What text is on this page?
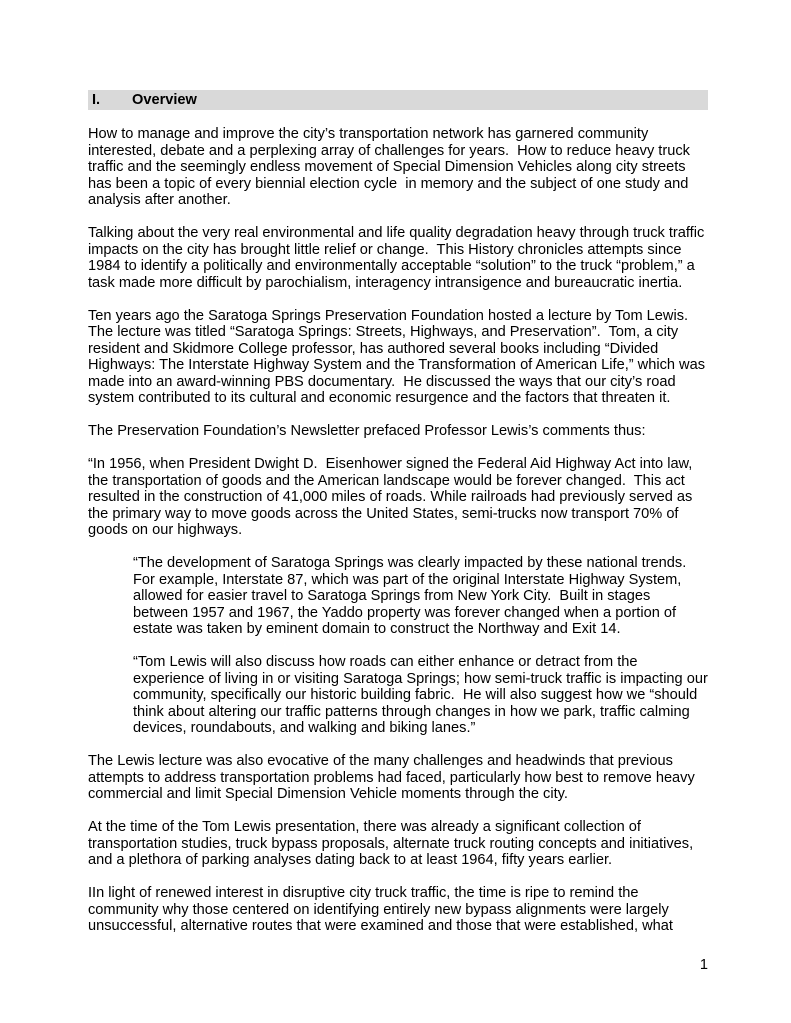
I. Overview

How to manage and improve the city’s transportation network has garnered community interested, debate and a perplexing array of challenges for years.  How to reduce heavy truck traffic and the seemingly endless movement of Special Dimension Vehicles along city streets has been a topic of every biennial election cycle  in memory and the subject of one study and analysis after another.

Talking about the very real environmental and life quality degradation heavy through truck traffic impacts on the city has brought little relief or change.  This History chronicles attempts since 1984 to identify a politically and environmentally acceptable “solution” to the truck “problem,” a task made more difficult by parochialism, interagency intransigence and bureaucratic inertia.

Ten years ago the Saratoga Springs Preservation Foundation hosted a lecture by Tom Lewis. The lecture was titled “Saratoga Springs: Streets, Highways, and Preservation”.  Tom, a city resident and Skidmore College professor, has authored several books including “Divided Highways: The Interstate Highway System and the Transformation of American Life,” which was made into an award-winning PBS documentary.  He discussed the ways that our city’s road system contributed to its cultural and economic resurgence and the factors that threaten it.

The Preservation Foundation’s Newsletter prefaced Professor Lewis’s comments thus:

“In 1956, when President Dwight D.  Eisenhower signed the Federal Aid Highway Act into law, the transportation of goods and the American landscape would be forever changed.  This act resulted in the construction of 41,000 miles of roads. While railroads had previously served as the primary way to move goods across the United States, semi-trucks now transport 70% of goods on our highways.

“The development of Saratoga Springs was clearly impacted by these national trends. For example, Interstate 87, which was part of the original Interstate Highway System, allowed for easier travel to Saratoga Springs from New York City.  Built in stages between 1957 and 1967, the Yaddo property was forever changed when a portion of estate was taken by eminent domain to construct the Northway and Exit 14.

“Tom Lewis will also discuss how roads can either enhance or detract from the experience of living in or visiting Saratoga Springs; how semi-truck traffic is impacting our community, specifically our historic building fabric.  He will also suggest how we “should think about altering our traffic patterns through changes in how we park, traffic calming devices, roundabouts, and walking and biking lanes.”

The Lewis lecture was also evocative of the many challenges and headwinds that previous attempts to address transportation problems had faced, particularly how best to remove heavy commercial and limit Special Dimension Vehicle moments through the city.

At the time of the Tom Lewis presentation, there was already a significant collection of transportation studies, truck bypass proposals, alternate truck routing concepts and initiatives, and a plethora of parking analyses dating back to at least 1964, fifty years earlier.

IIn light of renewed interest in disruptive city truck traffic, the time is ripe to remind the community why those centered on identifying entirely new bypass alignments were largely unsuccessful, alternative routes that were examined and those that were established, what

1
